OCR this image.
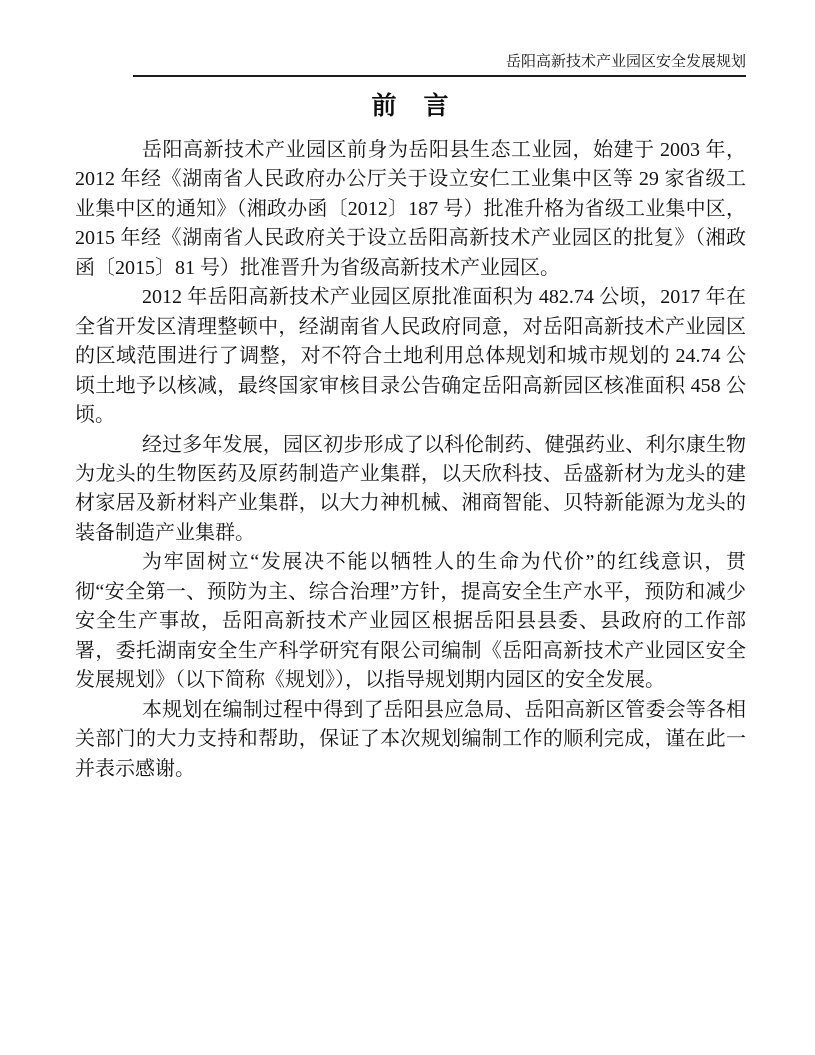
岳阳高新技术产业园区安全发展规划
前　言

岳阳高新技术产业园区前身为岳阳县生态工业园，始建于 2003 年，2012 年经《湖南省人民政府办公厅关于设立安仁工业集中区等 29 家省级工业集中区的通知》（湘政办函〔2012〕187 号）批准升格为省级工业集中区，2015 年经《湖南省人民政府关于设立岳阳高新技术产业园区的批复》（湘政函〔2015〕81 号）批准晋升为省级高新技术产业园区。

2012 年岳阳高新技术产业园区原批准面积为 482.74 公顷，2017 年在全省开发区清理整顿中，经湖南省人民政府同意，对岳阳高新技术产业园区的区域范围进行了调整，对不符合土地利用总体规划和城市规划的 24.74 公顷土地予以核减，最终国家审核目录公告确定岳阳高新园区核准面积 458 公顷。

经过多年发展，园区初步形成了以科伦制药、健强药业、利尔康生物为龙头的生物医药及原药制造产业集群，以天欣科技、岳盛新材为龙头的建材家居及新材料产业集群，以大力神机械、湘商智能、贝特新能源为龙头的装备制造产业集群。

为牢固树立“发展决不能以牺牲人的生命为代价”的红线意识，贯彻“安全第一、预防为主、综合治理”方针，提高安全生产水平，预防和减少安全生产事故，岳阳高新技术产业园区根据岳阳县县委、县政府的工作部署，委托湖南安全生产科学研究有限公司编制《岳阳高新技术产业园区安全发展规划》（以下简称《规划》），以指导规划期内园区的安全发展。

本规划在编制过程中得到了岳阳县应急局、岳阳高新区管委会等各相关部门的大力支持和帮助，保证了本次规划编制工作的顺利完成，谨在此一并表示感谢。
